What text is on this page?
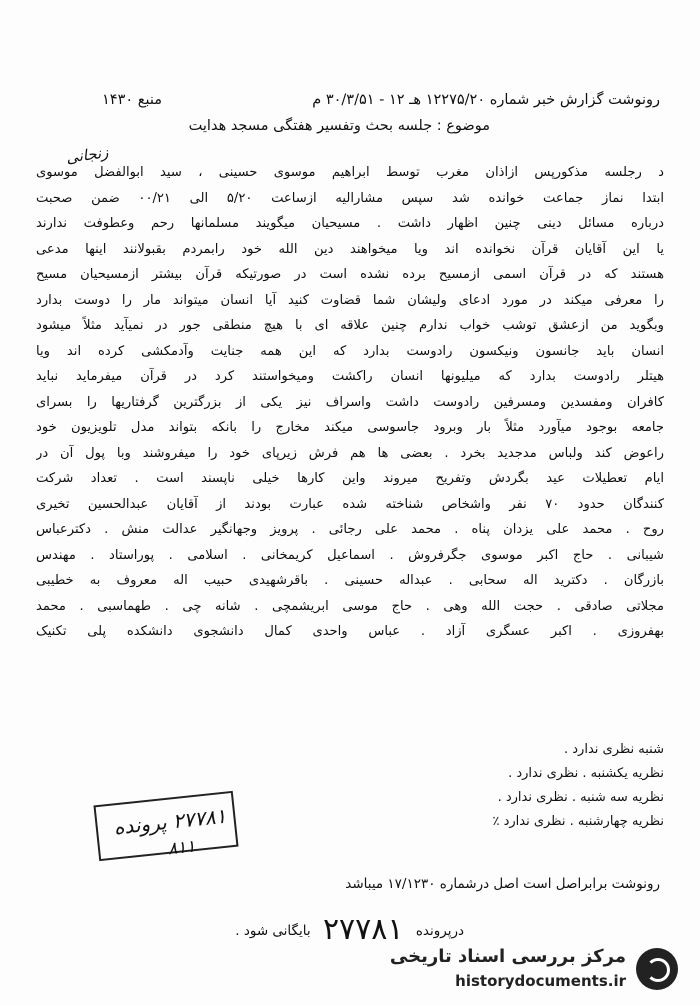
رونوشت گزارش خبر شماره ۱۲۲۷۵/۲۰ هـ ۱۲ - ۳۰/۳/۵۱ م
منبع ۱۴۳۰
موضوع : جلسه بحث وتفسیر هفتگی مسجد هدایت
زنجانی

د رجلسه مذکورپس ازاذان مغرب توسط ابراهیم موسوی حسینی ، سید ابوالفضل موسوی

ابتدا نماز جماعت خوانده شد سپس مشارالیه ازساعت ۵/۲۰ الی ۰۰/۲۱ ضمن صحبت

درباره مسائل دینی چنین اظهار داشت . مسیحیان میگویند مسلمانها رحم وعطوفت ندارند

یا این آقایان قرآن نخوانده اند ویا میخواهند دین الله خود رابمردم بقبولانند اینها مدعی

هستند که در قرآن اسمی ازمسیح برده نشده است در صورتیکه قرآن بیشتر ازمسیحیان مسیح

را معرفی میکند در مورد ادعای ولیشان شما قضاوت کنید آیا انسان میتواند مار را دوست بدارد

وبگوید من ازعشق توشب خواب ندارم چنین علاقه ای با هیچ منطقی جور در نمیآید مثلاً میشود

انسان باید جانسون ونیکسون رادوست بدارد که این همه جنایت وآدمکشی کرده اند ویا

هیتلر رادوست بدارد که میلیونها انسان راکشت ومیخواستند کرد در قرآن میفرماید نباید

کافران ومفسدین ومسرفین رادوست داشت واسراف نیز یکی از بزرگترین گرفتاریها را بسرای

جامعه بوجود میآورد مثلاً بار وبرود جاسوسی میکند مخارج را بانکه بتواند مدل تلویزیون خود

راعوض کند ولباس مدجدید بخرد . بعضی ها هم فرش زیرپای خود را میفروشند وبا پول آن در

ایام تعطیلات عید بگردش وتفریح میروند واین کارها خیلی ناپسند است . تعداد شرکت

کنندگان حدود ۷۰ نفر واشخاص شناخته شده عبارت بودند از آقایان عبدالحسین تخیری

روح . محمد علی یزدان پناه . محمد علی رجائی . پرویز وجهانگیر عدالت منش . دکترعباس

شیبانی . حاج اکبر موسوی جگرفروش . اسماعیل کریمخانی . اسلامی . پوراستاد . مهندس

بازرگان . دکترید اله سحابی . عبداله حسینی . باقرشهیدی حبیب اله معروف به خطیبی

مجلاتی صادقی . حجت الله وهی . حاج موسی ابریشمچی . شانه چی . طهماسبی . محمد

بهفروزی . اکبر عسگری آزاد . عباس واحدی کمال دانشجوی دانشکده پلی تکنیک

شنبه نظری ندارد .
نظریه یکشنبه . نظری ندارد .
نظریه سه شنبه . نظری ندارد .
نظریه چهارشنبه . نظری ندارد ٪
۲۷۷۸۱ پرونده
۸۱۱
رونوشت برابراصل است اصل درشماره ۱۷/۱۲۳۰ میباشد
درپرونده ۲۷۷۸۱ بایگانی شود .
مرکز بررسی اسناد تاریخی
historydocuments.ir
